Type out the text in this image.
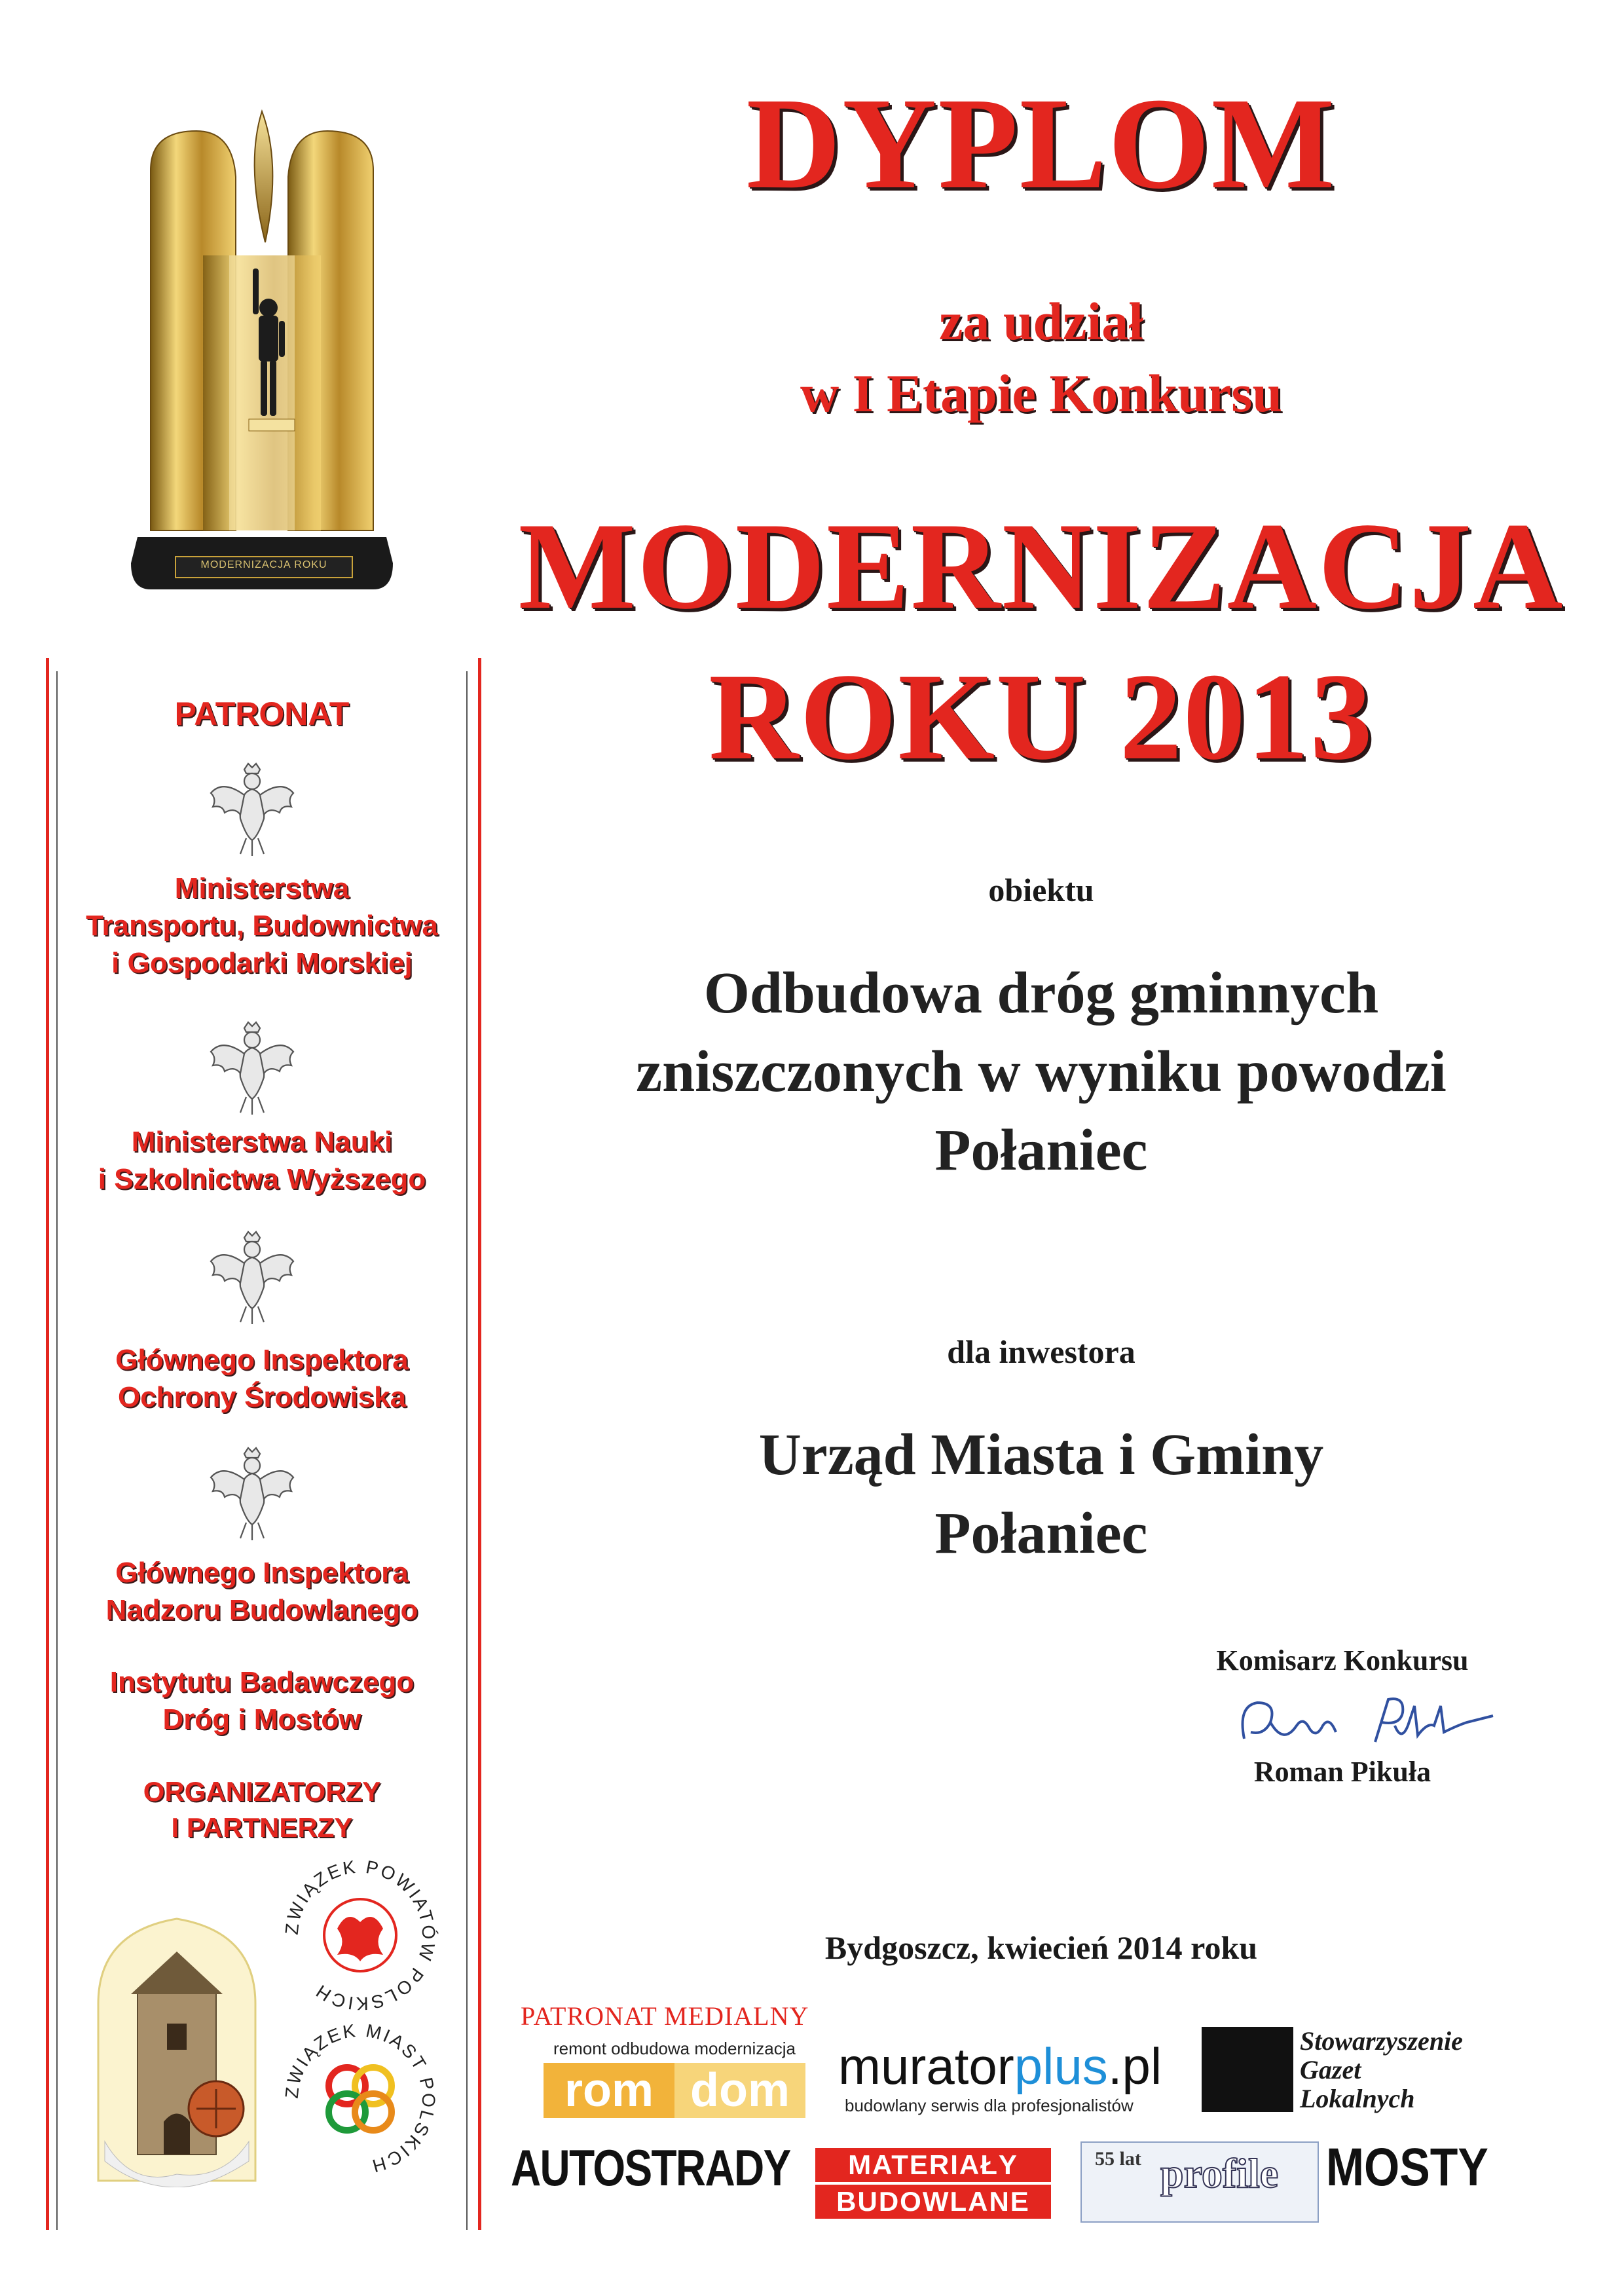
MODERNIZACJA ROKU
DYPLOM
za udział
w I Etapie Konkursu
MODERNIZACJA
ROKU 2013
obiektu
Odbudowa dróg gminnych
zniszczonych w wyniku powodzi
Połaniec
dla inwestora
Urząd Miasta i Gminy
Połaniec
Komisarz Konkursu
Roman Pikuła
Bydgoszcz, kwiecień 2014 roku
PATRONAT MEDIALNY
PATRONAT
Ministerstwa
Transportu, Budownictwa
i Gospodarki Morskiej
Ministerstwa Nauki
i Szkolnictwa Wyższego
Głównego Inspektora
Ochrony Środowiska
Głównego Inspektora
Nadzoru Budowlanego
Instytutu Badawczego
Dróg i Mostów
ORGANIZATORZY
I PARTNERZY
ZWIĄZEK POWIATÓW POLSKICH
ZWIĄZEK MIAST POLSKICH
remont odbudowa modernizacja
rom dom muratorplus.pl
budowlany serwis dla profesjonalistów
Stowarzyszenie
Gazet
Lokalnych
AUTOSTRADY	MATERIAŁY
BUDOWLANE
55 lat profile MOSTY
